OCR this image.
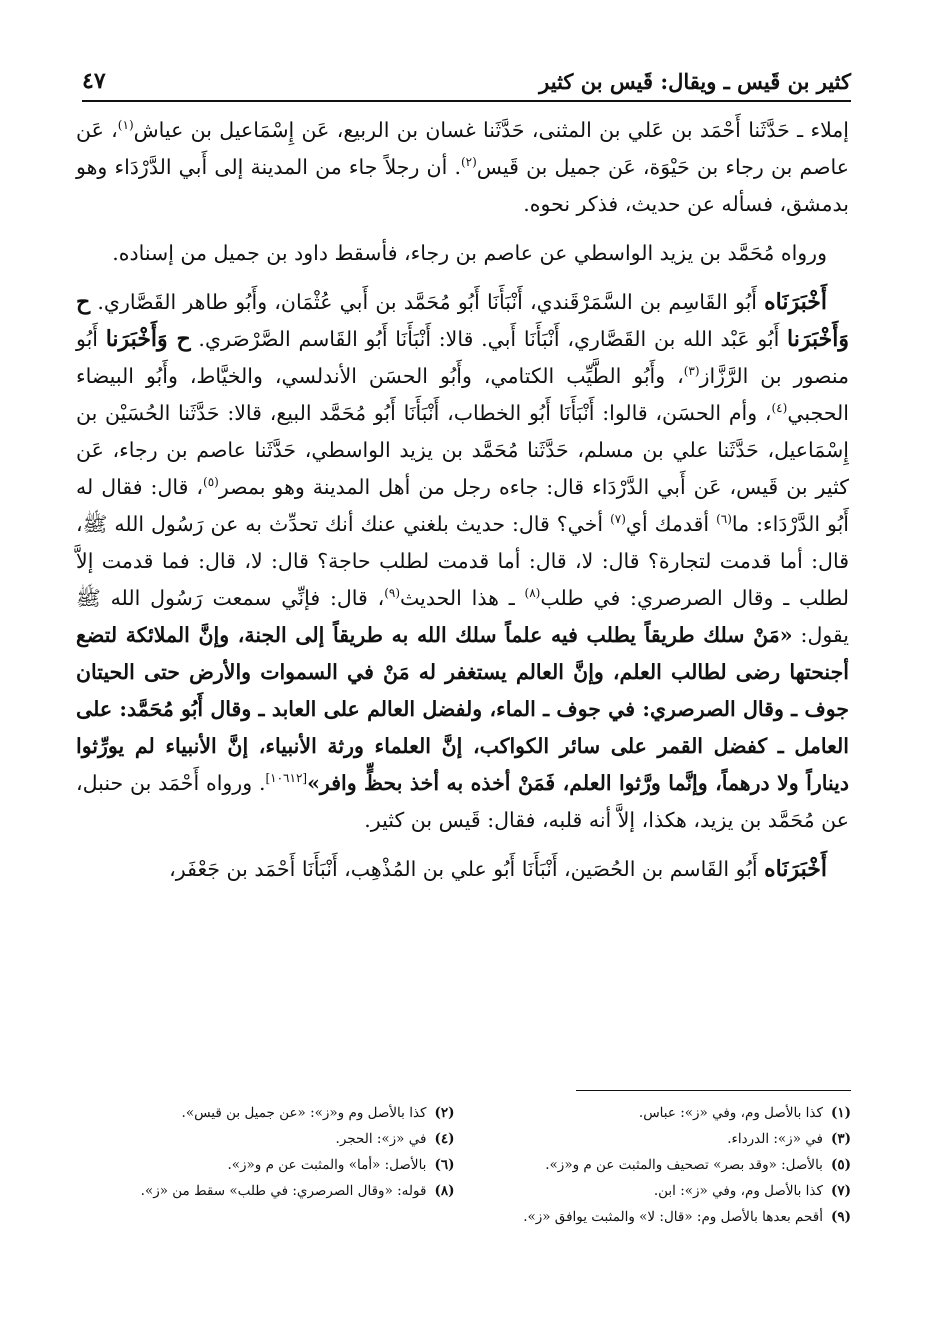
كثير بن قَيس ـ ويقال: قَيس بن كثير
٤٧

إملاء ـ حَدَّثَنا أَحْمَد بن عَلي بن المثنى، حَدَّثَنا غسان بن الربيع، عَن إِسْمَاعيل بن عياش$^{(١)}$، عَن عاصم بن رجاء بن حَيْوَة، عَن جميل بن قَيس$^{(٢)}$. أن رجلاً جاء من المدينة إلى أَبي الدَّرْدَاء وهو بدمشق، فسأله عن حديث، فذكر نحوه.

ورواه مُحَمَّد بن يزيد الواسطي عن عاصم بن رجاء، فأسقط داود بن جميل من إسناده.

أَخْبَرَنَاه أَبُو القَاسِم بن السَّمَرْقَندي، أَنْبَأَنَا أَبُو مُحَمَّد بن أَبي عُثْمَان، وأَبُو طاهر القَصَّاري. ح وَأَخْبَرَنا أَبُو عَبْد الله بن القَصَّاري، أَنْبَأَنَا أَبي. قالا: أَنْبَأَنَا أَبُو القَاسم الصَّرْصَري. ح وَأَخْبَرَنا أَبُو منصور بن الرَّزَّاز$^{(٣)}$، وأَبُو الطَّيِّب الكتامي، وأَبُو الحسَن الأندلسي، والخيَّاط، وأَبُو البيضاء الحجبي$^{(٤)}$، وأم الحسَن، قالوا: أَنْبَأَنَا أَبُو الخطاب، أَنْبَأَنَا أَبُو مُحَمَّد البيع، قالا: حَدَّثَنا الحُسَيْن بن إِسْمَاعيل، حَدَّثَنا علي بن مسلم، حَدَّثَنا مُحَمَّد بن يزيد الواسطي، حَدَّثَنا عاصم بن رجاء، عَن كثير بن قَيس، عَن أَبي الدَّرْدَاء قال: جاءه رجل من أهل المدينة وهو بمصر$^{(٥)}$، قال: فقال له أَبُو الدَّرْدَاء: ما$^{(٦)}$ أقدمك أي$^{(٧)}$ أخي؟ قال: حديث بلغني عنك أنك تحدِّث به عن رَسُول الله ﷺ، قال: أما قدمت لتجارة؟ قال: لا، قال: أما قدمت لطلب حاجة؟ قال: لا، قال: فما قدمت إلاَّ لطلب ـ وقال الصرصري: في طلب$^{(٨)}$ ـ هذا الحديث$^{(٩)}$، قال: فإنِّي سمعت رَسُول الله ﷺ يقول: «مَنْ سلك طريقاً يطلب فيه علماً سلك الله به طريقاً إلى الجنة، وإنَّ الملائكة لتضع أجنحتها رضى لطالب العلم، وإنَّ العالم يستغفر له مَنْ في السموات والأرض حتى الحيتان جوف ـ وقال الصرصري: في جوف ـ الماء، ولفضل العالم على العابد ـ وقال أَبُو مُحَمَّد: على العامل ـ كفضل القمر على سائر الكواكب، إنَّ العلماء ورثة الأنبياء، إنَّ الأنبياء لم يورِّثوا ديناراً ولا درهماً، وإنَّما ورَّثوا العلم، فَمَنْ أخذه به أخذ بحظٍّ وافر»[١٠٦١٢]. ورواه أَحْمَد بن حنبل، عن مُحَمَّد بن يزيد، هكذا، إلاَّ أنه قلبه، فقال: قَيس بن كثير.

أَخْبَرَنَاه أَبُو القَاسم بن الحُصَين، أَنْبَأَنَا أَبُو علي بن المُذْهِب، أَنْبَأَنَا أَحْمَد بن جَعْفَر،

(١)كذا بالأصل وم، وفي «ز»: عباس.
(٢)كذا بالأصل وم و«ز»: «عن جميل بن قيس».
(٣)في «ز»: الدرداء.
(٤)في «ز»: الحجر.
(٥)بالأصل: «وقد بصر» تصحيف والمثبت عن م و«ز».
(٦)بالأصل: «أما» والمثبت عن م و«ز».
(٧)كذا بالأصل وم، وفي «ز»: ابن.
(٨)قوله: «وقال الصرصري: في طلب» سقط من «ز».
(٩)أقحم بعدها بالأصل وم: «قال: لا» والمثبت يوافق «ز».
